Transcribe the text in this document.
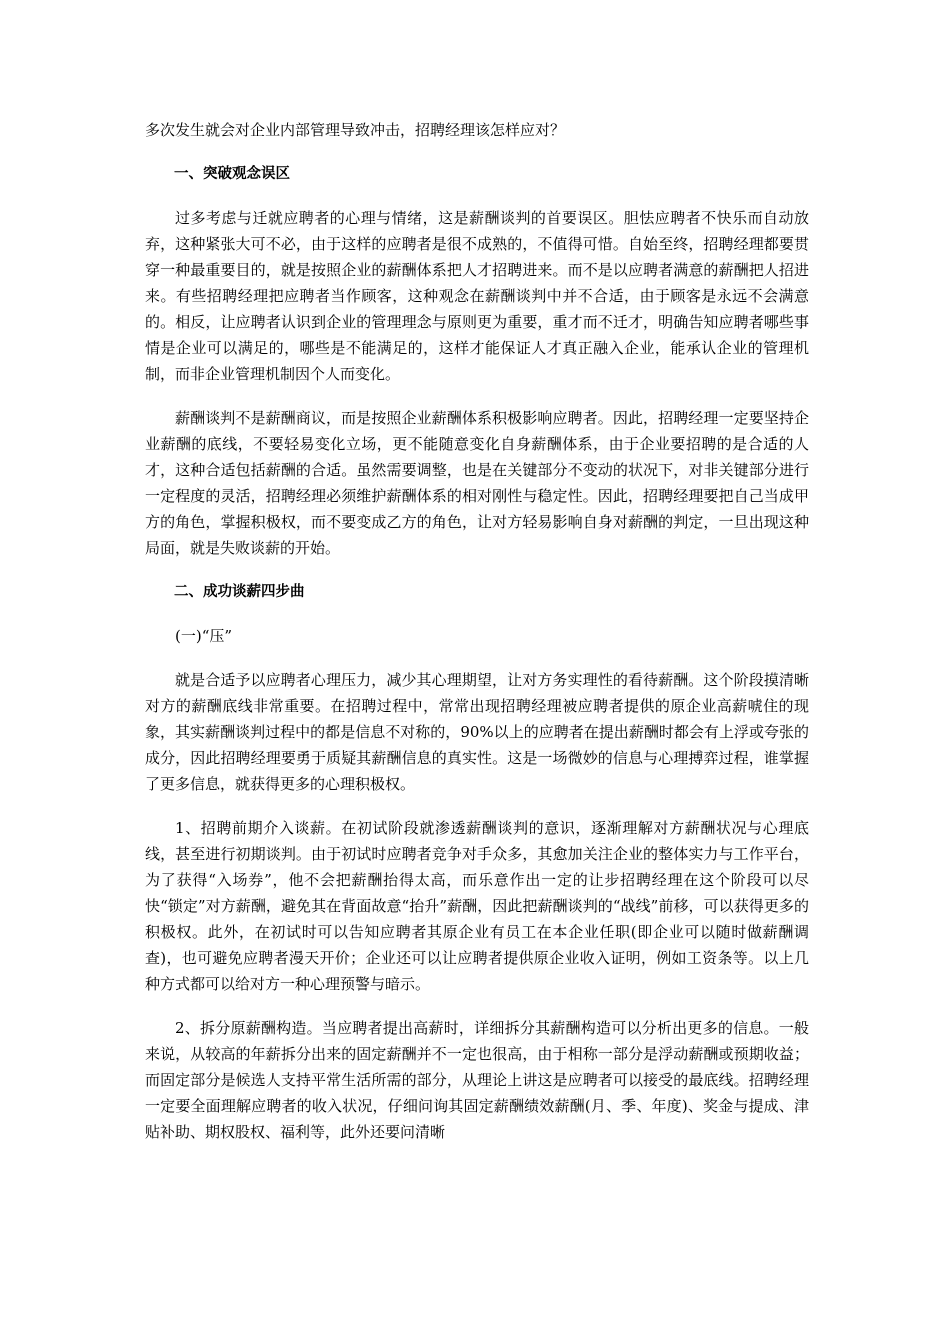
多次发生就会对企业内部管理导致冲击，招聘经理该怎样应对？

一、突破观念误区

过多考虑与迁就应聘者的心理与情绪，这是薪酬谈判的首要误区。胆怯应聘者不快乐而自动放弃，这种紧张大可不必，由于这样的应聘者是很不成熟的，不值得可惜。自始至终，招聘经理都要贯穿一种最重要目的，就是按照企业的薪酬体系把人才招聘进来。而不是以应聘者满意的薪酬把人招进来。有些招聘经理把应聘者当作顾客，这种观念在薪酬谈判中并不合适，由于顾客是永远不会满意的。相反，让应聘者认识到企业的管理理念与原则更为重要，重才而不迁才，明确告知应聘者哪些事情是企业可以满足的，哪些是不能满足的，这样才能保证人才真正融入企业，能承认企业的管理机制，而非企业管理机制因个人而变化。

薪酬谈判不是薪酬商议，而是按照企业薪酬体系积极影响应聘者。因此，招聘经理一定要坚持企业薪酬的底线，不要轻易变化立场，更不能随意变化自身薪酬体系，由于企业要招聘的是合适的人才，这种合适包括薪酬的合适。虽然需要调整，也是在关键部分不变动的状况下，对非关键部分进行一定程度的灵活，招聘经理必须维护薪酬体系的相对刚性与稳定性。因此，招聘经理要把自己当成甲方的角色，掌握积极权，而不要变成乙方的角色，让对方轻易影响自身对薪酬的判定，一旦出现这种局面，就是失败谈薪的开始。

二、成功谈薪四步曲

(一)“压”

就是合适予以应聘者心理压力，减少其心理期望，让对方务实理性的看待薪酬。这个阶段摸清晰对方的薪酬底线非常重要。在招聘过程中，常常出现招聘经理被应聘者提供的原企业高薪唬住的现象，其实薪酬谈判过程中的都是信息不对称的，90%以上的应聘者在提出薪酬时都会有上浮或夸张的成分，因此招聘经理要勇于质疑其薪酬信息的真实性。这是一场微妙的信息与心理搏弈过程，谁掌握了更多信息，就获得更多的心理积极权。

1、招聘前期介入谈薪。在初试阶段就渗透薪酬谈判的意识，逐渐理解对方薪酬状况与心理底线，甚至进行初期谈判。由于初试时应聘者竞争对手众多，其愈加关注企业的整体实力与工作平台，为了获得“入场券”，他不会把薪酬抬得太高，而乐意作出一定的让步招聘经理在这个阶段可以尽快“锁定”对方薪酬，避免其在背面故意“抬升”薪酬，因此把薪酬谈判的“战线”前移，可以获得更多的积极权。此外，在初试时可以告知应聘者其原企业有员工在本企业任职(即企业可以随时做薪酬调查)，也可避免应聘者漫天开价；企业还可以让应聘者提供原企业收入证明，例如工资条等。以上几种方式都可以给对方一种心理预警与暗示。

2、拆分原薪酬构造。当应聘者提出高薪时，详细拆分其薪酬构造可以分析出更多的信息。一般来说，从较高的年薪拆分出来的固定薪酬并不一定也很高，由于相称一部分是浮动薪酬或预期收益；而固定部分是候选人支持平常生活所需的部分，从理论上讲这是应聘者可以接受的最底线。招聘经理一定要全面理解应聘者的收入状况，仔细问询其固定薪酬绩效薪酬(月、季、年度)、奖金与提成、津贴补助、期权股权、福利等，此外还要问清晰
